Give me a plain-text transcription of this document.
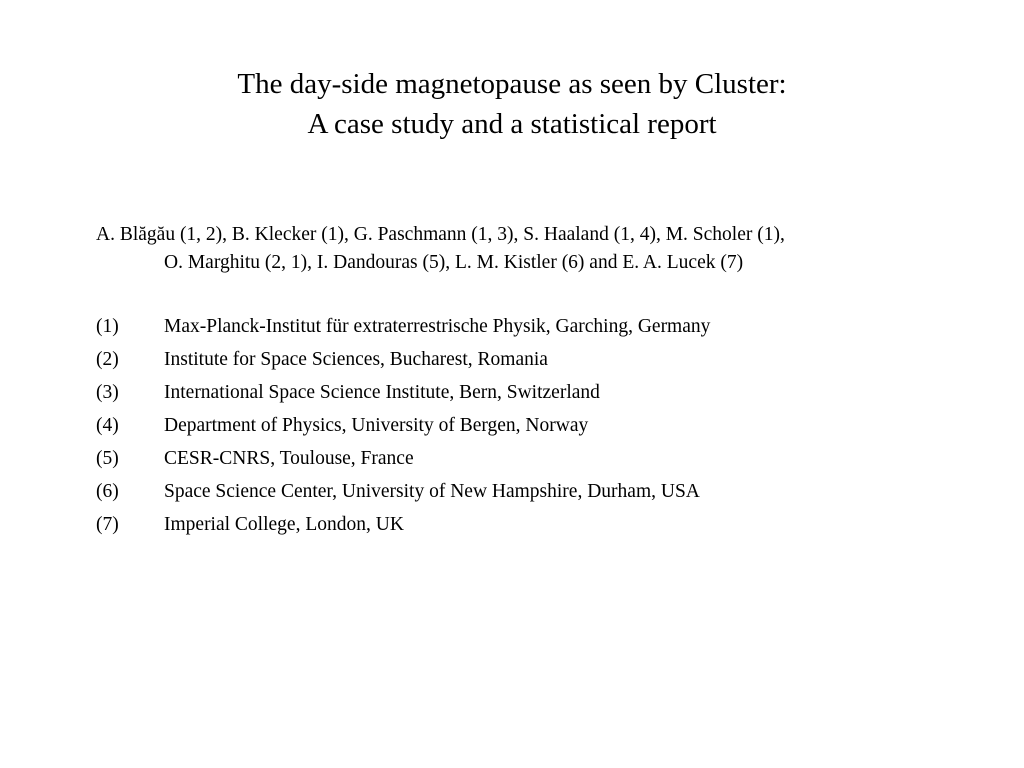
The day-side magnetopause as seen by Cluster:
A case study and a statistical report
A. Blăgău (1, 2), B. Klecker (1), G. Paschmann (1, 3), S. Haaland (1, 4), M. Scholer (1),
O. Marghitu (2, 1), I. Dandouras (5), L. M. Kistler (6) and E. A. Lucek (7)
(1) Max-Planck-Institut für extraterrestrische Physik, Garching, Germany
(2) Institute for Space Sciences, Bucharest, Romania
(3) International Space Science Institute, Bern, Switzerland
(4) Department of Physics, University of Bergen, Norway
(5) CESR-CNRS, Toulouse, France
(6) Space Science Center, University of New Hampshire, Durham, USA
(7) Imperial College, London, UK
